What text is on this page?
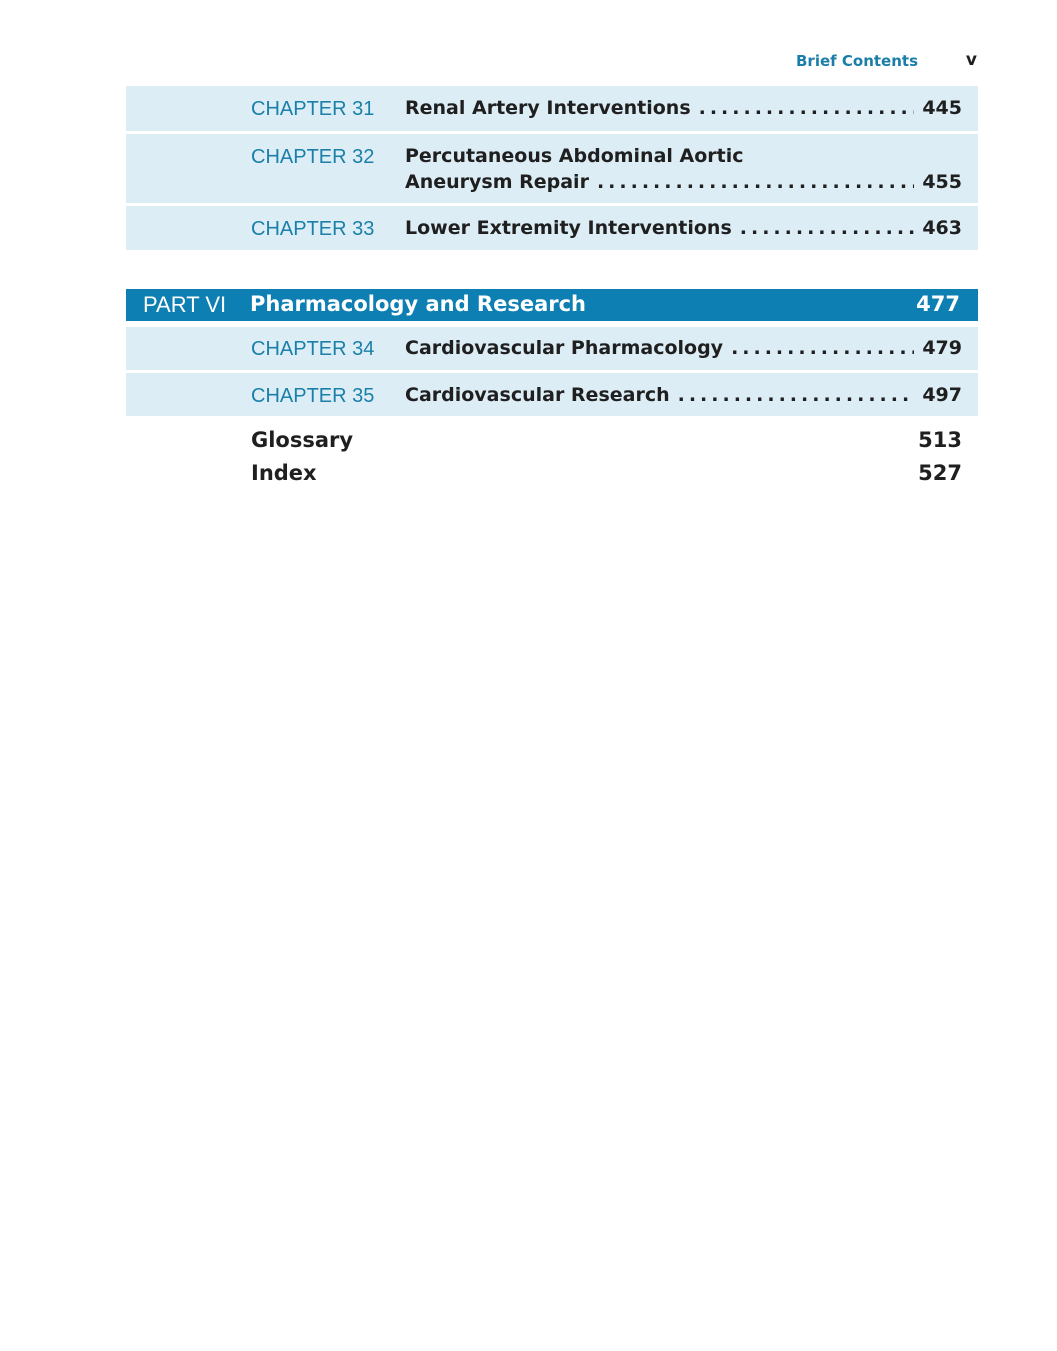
Brief Contents	v
CHAPTER 31 Renal Artery Interventions .....	445
CHAPTER 32 Percutaneous Abdominal Aortic
Aneurysm Repair .....	455
CHAPTER 33 Lower Extremity Interventions .....	463
PART VI Pharmacology and Research	477
CHAPTER 34 Cardiovascular Pharmacology .....	479
CHAPTER 35 Cardiovascular Research .....	497
Glossary	513
Index	527
